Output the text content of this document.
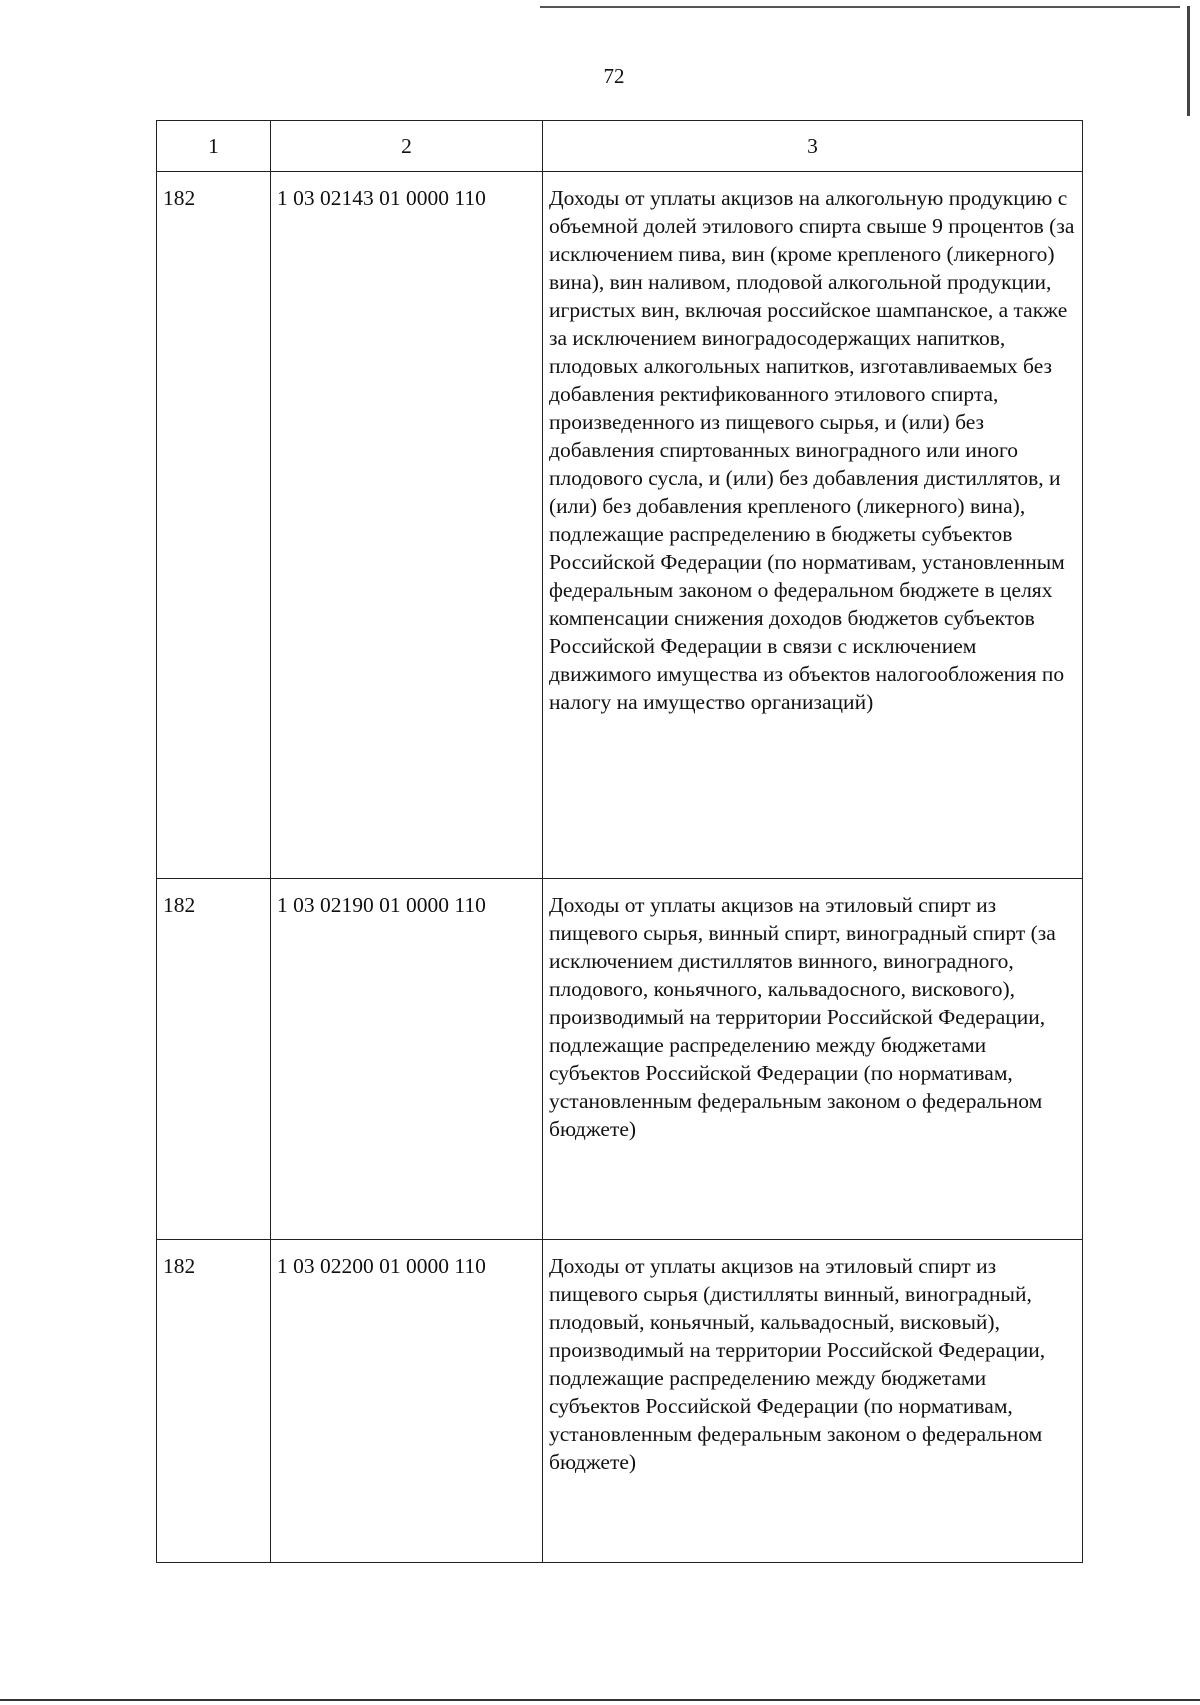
72
1	2	3

182	1 03 02143 01 0000 110	Доходы от уплаты акцизов на алкогольную продукцию с объемной долей этилового спирта свыше 9 процентов (за исключением пива, вин (кроме крепленого (ликерного) вина), вин наливом, плодовой алкогольной продукции, игристых вин, включая российское шампанское, а также за исключением виноградосодержащих напитков, плодовых алкогольных напитков, изготавливаемых без добавления ректификованного этилового спирта, произведенного из пищевого сырья, и (или) без добавления спиртованных виноградного или иного плодового сусла, и (или) без добавления дистиллятов, и (или) без добавления крепленого (ликерного) вина), подлежащие распределению в бюджеты субъектов Российской Федерации (по нормативам, установленным федеральным законом о федеральном бюджете в целях компенсации снижения доходов бюджетов субъектов Российской Федерации в связи с исключением движимого имущества из объектов налогообложения по налогу на имущество организаций)

182	1 03 02190 01 0000 110	Доходы от уплаты акцизов на этиловый спирт из пищевого сырья, винный спирт, виноградный спирт (за исключением дистиллятов винного, виноградного, плодового, коньячного, кальвадосного, вискового), производимый на территории Российской Федерации, подлежащие распределению между бюджетами субъектов Российской Федерации (по нормативам, установленным федеральным законом о федеральном бюджете)

182	1 03 02200 01 0000 110	Доходы от уплаты акцизов на этиловый спирт из пищевого сырья (дистилляты винный, виноградный, плодовый, коньячный, кальвадосный, висковый), производимый на территории Российской Федерации, подлежащие распределению между бюджетами субъектов Российской Федерации (по нормативам, установленным федеральным законом о федеральном бюджете)
